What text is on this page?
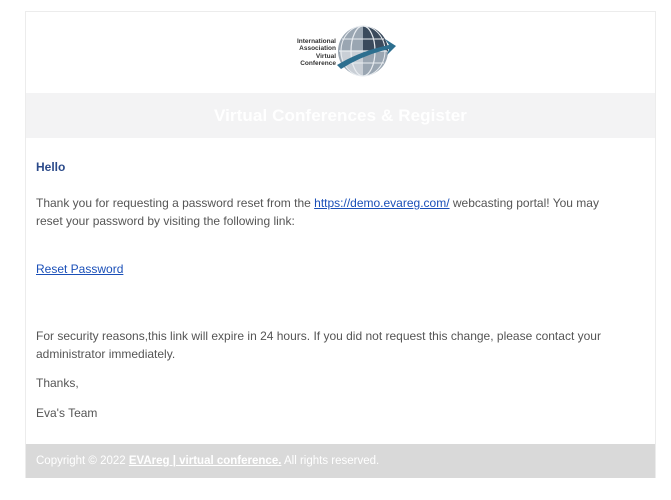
International
Association
Virtual
Conference
Virtual Conferences & Register
Hello
Thank you for requesting a password reset from the https://demo.evareg.com/ webcasting portal! You may
reset your password by visiting the following link:
Reset Password
For security reasons,this link will expire in 24 hours. If you did not request this change, please contact your
administrator immediately.
Thanks,
Eva's Team
Copyright © 2022 EVAreg | virtual conference. All rights reserved.
